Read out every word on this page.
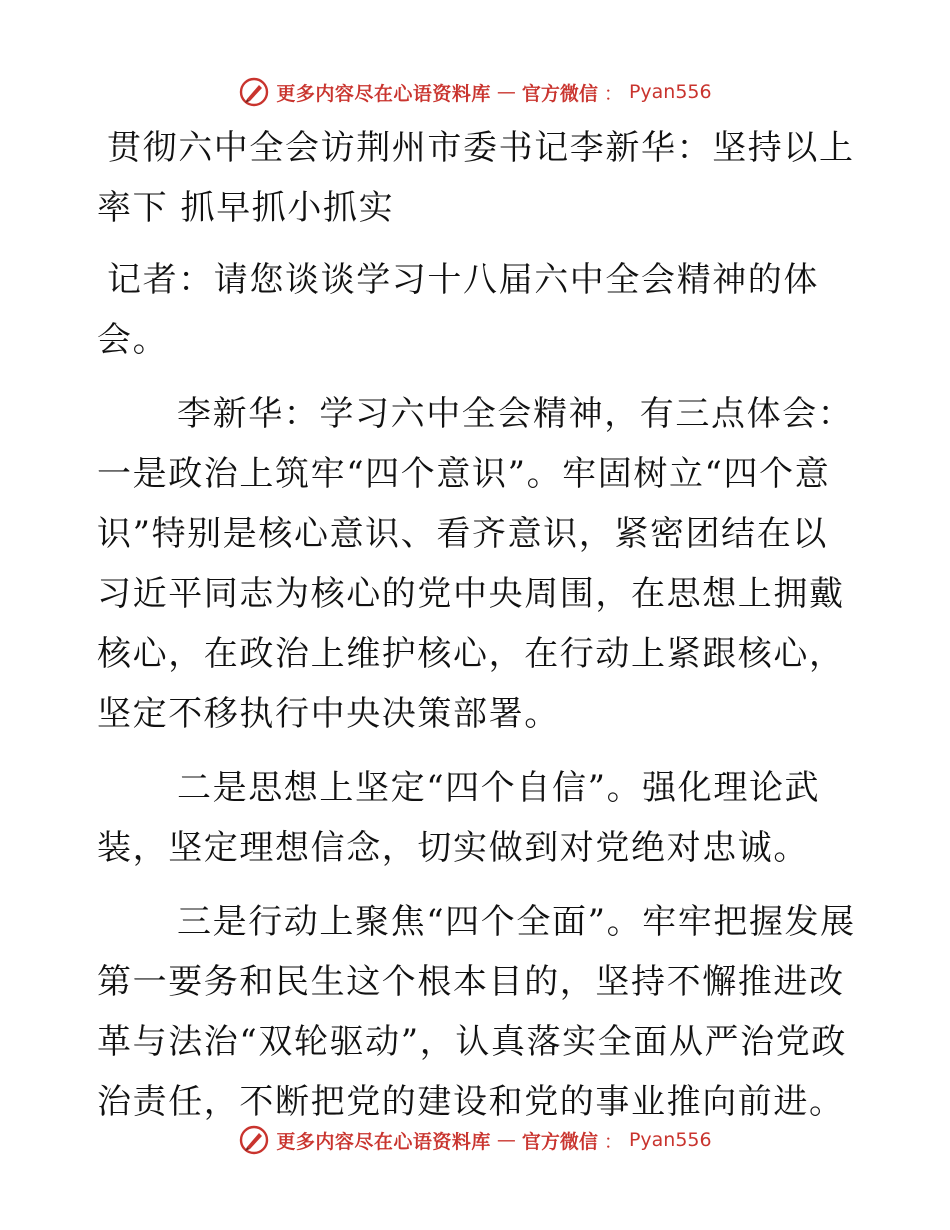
更多内容尽在心语资料库 — 官方微信 ： Pyan556

贯彻六中全会访荆州市委书记李新华：坚持以上率下 抓早抓小抓实

记者：请您谈谈学习十八届六中全会精神的体会。

李新华：学习六中全会精神，有三点体会：

一是政治上筑牢“四个意识”。牢固树立“四个意识”特别是核心意识、看齐意识，紧密团结在以习近平同志为核心的党中央周围，在思想上拥戴核心，在政治上维护核心，在行动上紧跟核心，坚定不移执行中央决策部署。

二是思想上坚定“四个自信”。强化理论武装，坚定理想信念，切实做到对党绝对忠诚。

三是行动上聚焦“四个全面”。牢牢把握发展第一要务和民生这个根本目的，坚持不懈推进改革与法治“双轮驱动”，认真落实全面从严治党政治责任，不断把党的建设和党的事业推向前进。

更多内容尽在心语资料库 — 官方微信 ： Pyan556
